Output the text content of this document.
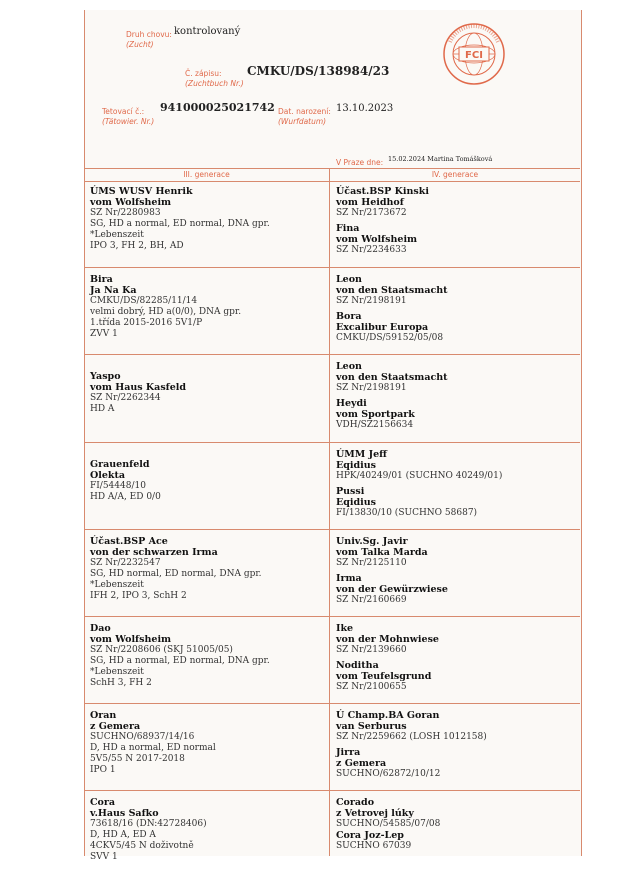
Druh chovu:
(Zucht)
kontrolovaný
Č. zápisu:
(Zuchtbuch Nr.)
CMKU/DS/138984/23
Tetovací č.:
(Tätowier. Nr.)
941000025021742 Dat. narození:
(Wurfdatum)
13.10.2023
V Praze dne: 15.02.2024 Martina Tomášková
FCI
III. generace	IV. generace
ÚMS WUSV Henrik
vom Wolfsheim
SZ Nr/2280983
SG, HD a normal, ED normal, DNA gpr.
*Lebenszeit
IPO 3, FH 2, BH, AD
Účast.BSP Kinski
vom Heidhof
SZ Nr/2173672
Fina
vom Wolfsheim
SZ Nr/2234633
Bira
Ja Na Ka
CMKU/DS/82285/11/14
velmi dobrý, HD a(0/0), DNA gpr.
1.třída 2015-2016 5V1/P
ZVV 1
Leon
von den Staatsmacht
SZ Nr/2198191
Bora
Excalibur Europa
CMKU/DS/59152/05/08
Yaspo
vom Haus Kasfeld
SZ Nr/2262344
HD A
Leon
von den Staatsmacht
SZ Nr/2198191
Heydi
vom Sportpark
VDH/SZ2156634
Grauenfeld
Olekta
FI/54448/10
HD A/A, ED 0/0
ÚMM Jeff
Eqidius
HPK/40249/01 (SUCHNO 40249/01)
Pussi
Eqidius
FI/13830/10 (SUCHNO 58687)
Účast.BSP Ace
von der schwarzen Irma
SZ Nr/2232547
SG, HD normal, ED normal, DNA gpr.
*Lebenszeit
IFH 2, IPO 3, SchH 2
Univ.Sg. Javir
vom Talka Marda
SZ Nr/2125110
Irma
von der Gewürzwiese
SZ Nr/2160669
Dao
vom Wolfsheim
SZ Nr/2208606 (SKJ 51005/05)
SG, HD a normal, ED normal, DNA gpr.
*Lebenszeit
SchH 3, FH 2
Ike
von der Mohnwiese
SZ Nr/2139660
Noditha
vom Teufelsgrund
SZ Nr/2100655
Oran
z Gemera
SUCHNO/68937/14/16
D, HD a normal, ED normal
5V5/55 N 2017-2018
IPO 1
Ú Champ.BA Goran
van Serburus
SZ Nr/2259662 (LOSH 1012158)
Jirra
z Gemera
SUCHNO/62872/10/12
Cora
v.Haus Safko
73618/16 (DN:42728406)
D, HD A, ED A
4CKV5/45 N doživotně
SVV 1
Corado
z Vetrovej lúky
SUCHNO/54585/07/08
Cora Joz-Lep
SUCHNO 67039
